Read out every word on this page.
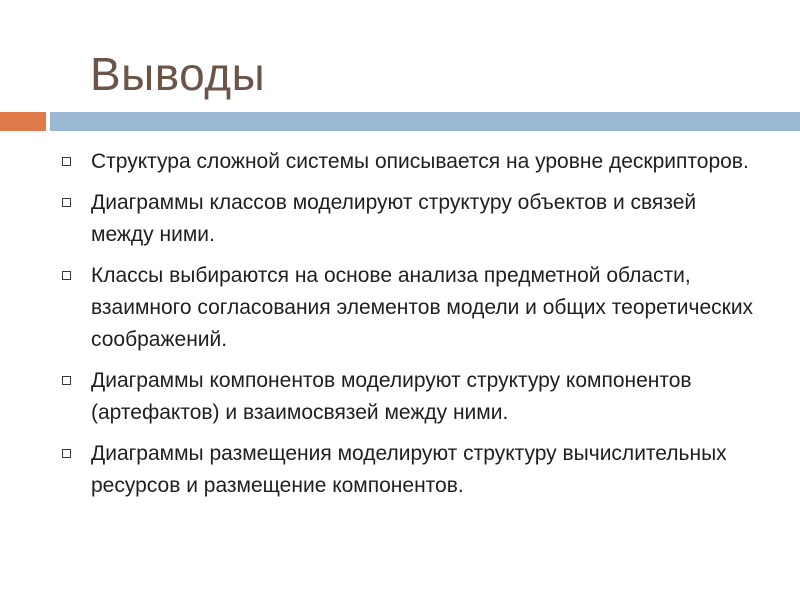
Выводы
Структура сложной системы описывается на уровне дескрипторов.
Диаграммы классов моделируют структуру объектов и связей между ними.
Классы выбираются на основе анализа предметной области, взаимного согласования элементов модели и общих теоретических соображений.
Диаграммы компонентов моделируют структуру компонентов (артефактов) и взаимосвязей между ними.
Диаграммы размещения моделируют структуру вычислительных ресурсов и размещение компонентов.
